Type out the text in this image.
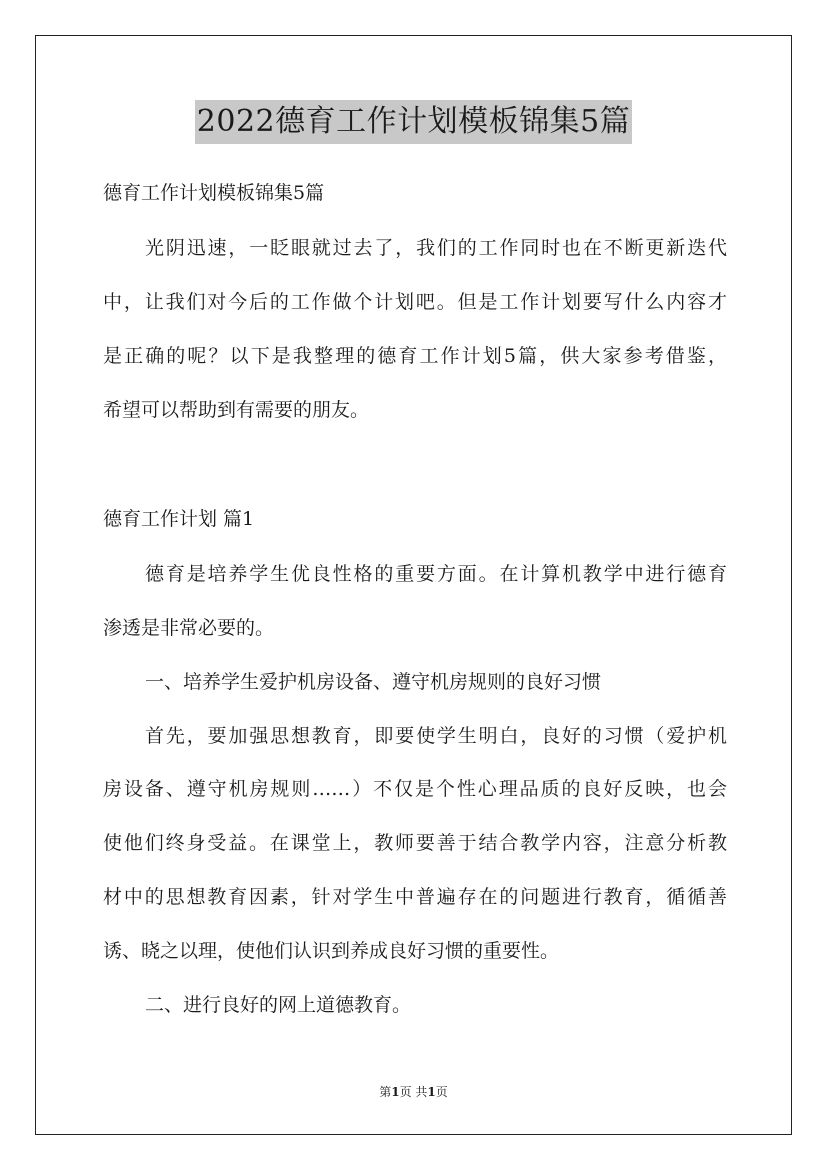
2022德育工作计划模板锦集5篇
德育工作计划模板锦集5篇
光阴迅速，一眨眼就过去了，我们的工作同时也在不断更新迭代
中，让我们对今后的工作做个计划吧。但是工作计划要写什么内容才
是正确的呢？以下是我整理的德育工作计划5篇，供大家参考借鉴，
希望可以帮助到有需要的朋友。
德育工作计划 篇1
德育是培养学生优良性格的重要方面。在计算机教学中进行德育
渗透是非常必要的。
一、培养学生爱护机房设备、遵守机房规则的良好习惯
首先，要加强思想教育，即要使学生明白，良好的习惯（爱护机
房设备、遵守机房规则……）不仅是个性心理品质的良好反映，也会
使他们终身受益。在课堂上，教师要善于结合教学内容，注意分析教
材中的思想教育因素，针对学生中普遍存在的问题进行教育，循循善
诱、晓之以理，使他们认识到养成良好习惯的重要性。
二、进行良好的网上道德教育。
第1页 共1页
